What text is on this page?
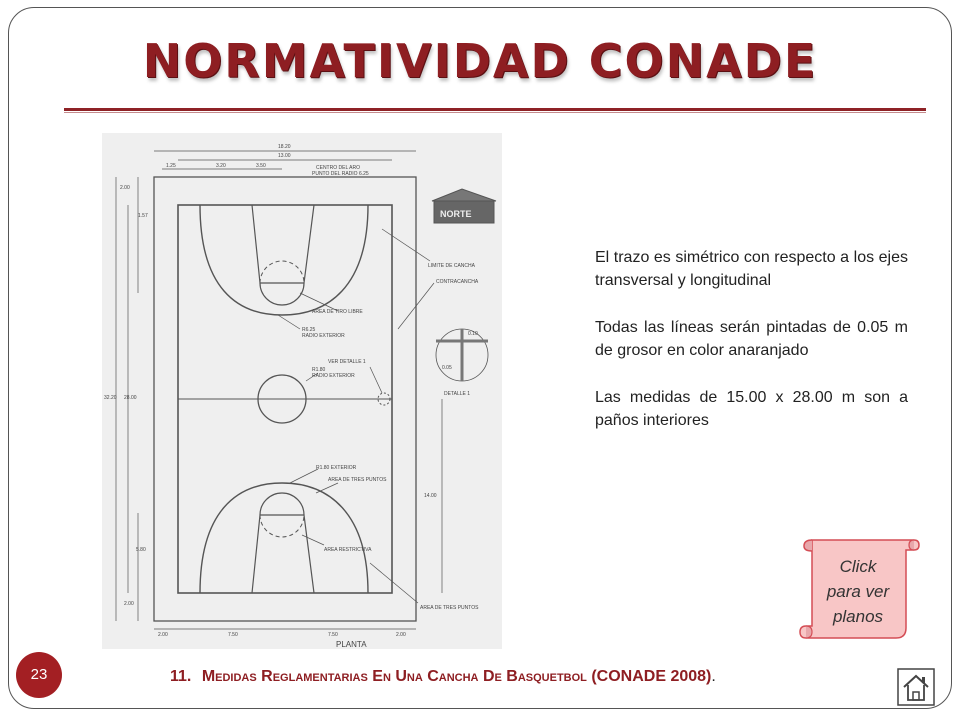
NORMATIVIDAD CONADE
18.20
13.00
1.25	3.20	3.50
2.00
1.57
32.20 28.00
14.00
5.80
2.00
2.00	7.50	7.50	2.00
CENTRO DEL ARO
PUNTO DEL RADIO 6.25
LIMITE DE CANCHA
CONTRACANCHA
AREA DE TIRO LIBRE
R6.25
RADIO EXTERIOR
VER DETALLE 1
R1.80
RADIO EXTERIOR
R1.80 EXTERIOR
AREA DE TRES PUNTOS
AREA RESTRICTIVA
AREA DE TRES PUNTOS
DETALLE 1
0.10
0.05
PLANTA
NORTE

El trazo es simétrico con respecto a los ejes transversal y longitudinal

Todas las líneas serán pintadas de 0.05 m de grosor en color anaranjado

Las medidas de 15.00 x 28.00 m son a paños interiores

Click
para ver
planos
23	11. Medidas Reglamentarias En Una Cancha De Basquetbol (CONADE 2008).
